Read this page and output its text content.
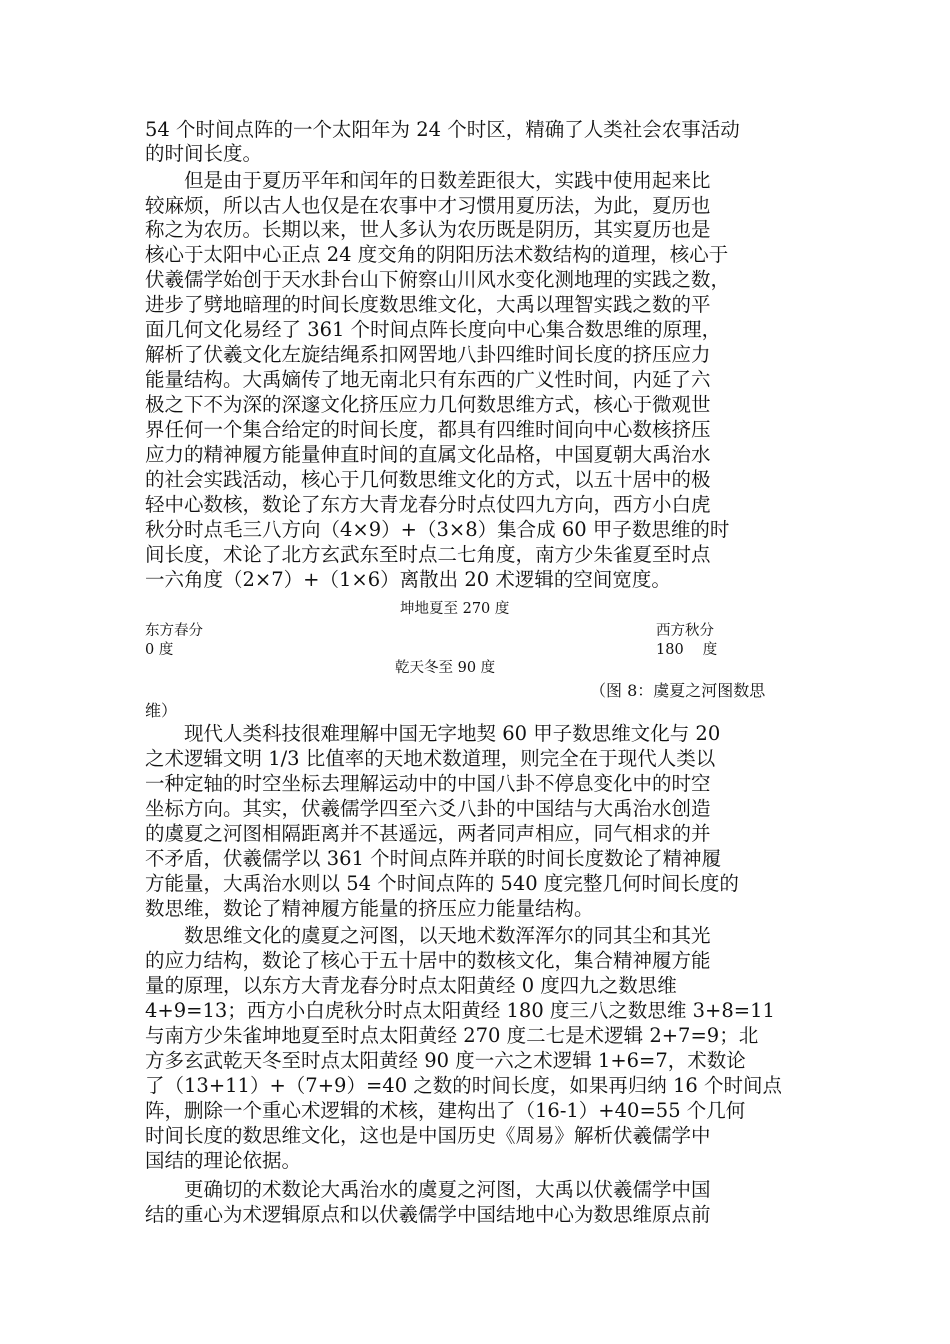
54 个时间点阵的一个太阳年为 24 个时区，精确了人类社会农事活动
的时间长度。
　　但是由于夏历平年和闰年的日数差距很大，实践中使用起来比
较麻烦，所以古人也仅是在农事中才习惯用夏历法，为此，夏历也
称之为农历。长期以来，世人多认为农历既是阴历，其实夏历也是
核心于太阳中心正点 24 度交角的阴阳历法术数结构的道理，核心于
伏羲儒学始创于天水卦台山下俯察山川风水变化测地理的实践之数，
进步了劈地暗理的时间长度数思维文化，大禹以理智实践之数的平
面几何文化易经了 361 个时间点阵长度向中心集合数思维的原理，
解析了伏羲文化左旋结绳系扣网罟地八卦四维时间长度的挤压应力
能量结构。大禹嫡传了地无南北只有东西的广义性时间，内延了六
极之下不为深的深邃文化挤压应力几何数思维方式，核心于微观世
界任何一个集合给定的时间长度，都具有四维时间向中心数核挤压
应力的精神履方能量伸直时间的直属文化品格，中国夏朝大禹治水
的社会实践活动，核心于几何数思维文化的方式，以五十居中的极
轻中心数核，数论了东方大青龙春分时点仗四九方向，西方小白虎
秋分时点毛三八方向（4×9）+（3×8）集合成 60 甲子数思维的时
间长度，术论了北方玄武东至时点二七角度，南方少朱雀夏至时点
一六角度（2×7）+（1×6）离散出 20 术逻辑的空间宽度。
坤地夏至 270 度
东方春分
0 度
西方秋分
180　 度
乾天冬至 90 度
（图 8：虞夏之河图数思
维）
　　现代人类科技很难理解中国无字地契 60 甲子数思维文化与 20
之术逻辑文明 1/3 比值率的天地术数道理，则完全在于现代人类以
一种定轴的时空坐标去理解运动中的中国八卦不停息变化中的时空
坐标方向。其实，伏羲儒学四至六爻八卦的中国结与大禹治水创造
的虞夏之河图相隔距离并不甚遥远，两者同声相应，同气相求的并
不矛盾，伏羲儒学以 361 个时间点阵并联的时间长度数论了精神履
方能量，大禹治水则以 54 个时间点阵的 540 度完整几何时间长度的
数思维，数论了精神履方能量的挤压应力能量结构。
　　数思维文化的虞夏之河图，以天地术数浑浑尔的同其尘和其光
的应力结构，数论了核心于五十居中的数核文化，集合精神履方能
量的原理，以东方大青龙春分时点太阳黄经 0 度四九之数思维
4+9=13；西方小白虎秋分时点太阳黄经 180 度三八之数思维 3+8=11
与南方少朱雀坤地夏至时点太阳黄经 270 度二七是术逻辑 2+7=9；北
方多玄武乾天冬至时点太阳黄经 90 度一六之术逻辑 1+6=7，术数论
了（13+11）+（7+9）=40 之数的时间长度，如果再归纳 16 个时间点
阵，删除一个重心术逻辑的术核，建构出了（16-1）+40=55 个几何
时间长度的数思维文化，这也是中国历史《周易》解析伏羲儒学中
国结的理论依据。
　　更确切的术数论大禹治水的虞夏之河图，大禹以伏羲儒学中国
结的重心为术逻辑原点和以伏羲儒学中国结地中心为数思维原点前
